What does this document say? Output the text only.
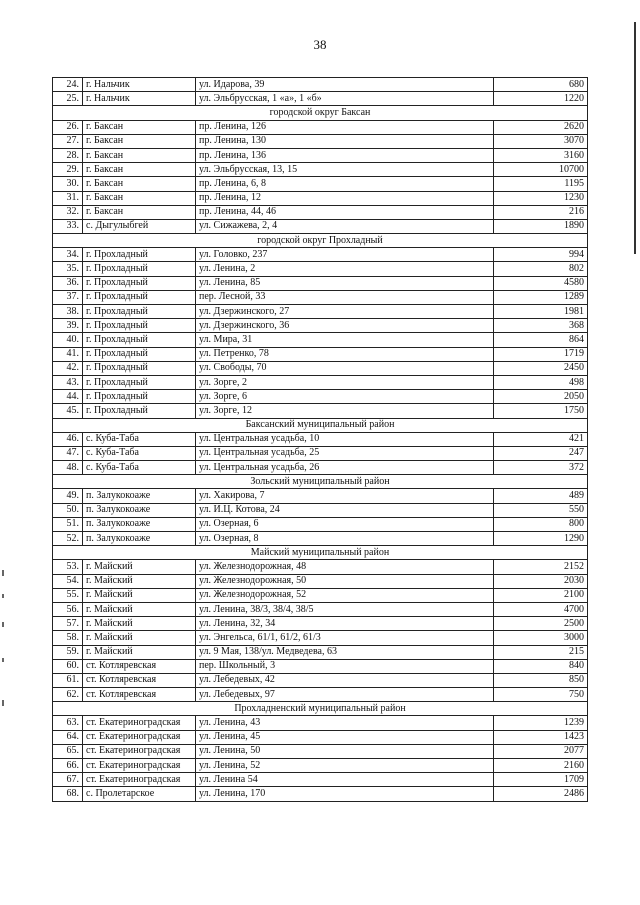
38
24.	г. Нальчик	ул. Идарова, 39	680
25.	г. Нальчик	ул. Эльбрусская, 1 «а», 1 «б»	1220
городской округ Баксан			
26.	г. Баксан	пр. Ленина, 126	2620
27.	г. Баксан	пр. Ленина, 130	3070
28.	г. Баксан	пр. Ленина, 136	3160
29.	г. Баксан	ул. Эльбрусская, 13, 15	10700
30.	г. Баксан	пр. Ленина, 6, 8	1195
31.	г. Баксан	пр. Ленина, 12	1230
32.	г. Баксан	пр. Ленина, 44, 46	216
33.	с. Дыгулыбгей	ул. Сижажева, 2, 4	1890
городской округ Прохладный			
34.	г. Прохладный	ул. Головко, 237	994
35.	г. Прохладный	ул. Ленина, 2	802
36.	г. Прохладный	ул. Ленина, 85	4580
37.	г. Прохладный	пер. Лесной, 33	1289
38.	г. Прохладный	ул. Дзержинского, 27	1981
39.	г. Прохладный	ул. Дзержинского, 36	368
40.	г. Прохладный	ул. Мира, 31	864
41.	г. Прохладный	ул. Петренко, 78	1719
42.	г. Прохладный	ул. Свободы, 70	2450
43.	г. Прохладный	ул. Зорге, 2	498
44.	г. Прохладный	ул. Зорге, 6	2050
45.	г. Прохладный	ул. Зорге, 12	1750
Баксанский муниципальный район			
46.	с. Куба-Таба	ул. Центральная усадьба, 10	421
47.	с. Куба-Таба	ул. Центральная усадьба, 25	247
48.	с. Куба-Таба	ул. Центральная усадьба, 26	372
Зольский муниципальный район			
49.	п. Залукокоаже	ул. Хакирова, 7	489
50.	п. Залукокоаже	ул. И.Ц. Котова, 24	550
51.	п. Залукокоаже	ул. Озерная, 6	800
52.	п. Залукокоаже	ул. Озерная, 8	1290
Майский муниципальный район			
53.	г. Майский	ул. Железнодорожная, 48	2152
54.	г. Майский	ул. Железнодорожная, 50	2030
55.	г. Майский	ул. Железнодорожная, 52	2100
56.	г. Майский	ул. Ленина, 38/3, 38/4, 38/5	4700
57.	г. Майский	ул. Ленина, 32, 34	2500
58.	г. Майский	ул. Энгельса, 61/1, 61/2, 61/3	3000
59.	г. Майский	ул. 9 Мая, 138/ул. Медведева, 63	215
60.	ст. Котляревская	пер. Школьный, 3	840
61.	ст. Котляревская	ул. Лебедевых, 42	850
62.	ст. Котляревская	ул. Лебедевых, 97	750
Прохладненский муниципальный район			
63.	ст. Екатериноградская	ул. Ленина, 43	1239
64.	ст. Екатериноградская	ул. Ленина, 45	1423
65.	ст. Екатериноградская	ул. Ленина, 50	2077
66.	ст. Екатериноградская	ул. Ленина, 52	2160
67.	ст. Екатериноградская	ул. Ленина 54	1709
68.	с. Пролетарское	ул. Ленина, 170	2486
